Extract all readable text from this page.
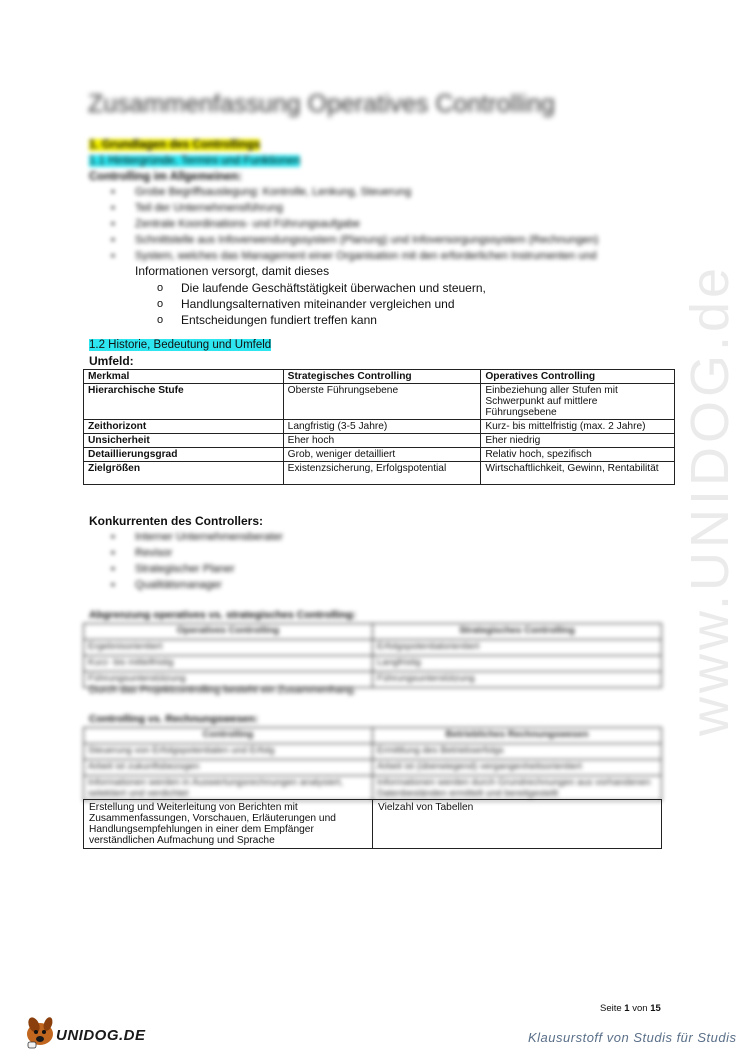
www.UNIDOG.de
Zusammenfassung Operatives Controlling
1. Grundlagen des Controllings
1.1 Hintergründe, Termini und Funktionen
Controlling im Allgemeinen:
▪ Grobe Begriffsauslegung: Kontrolle, Lenkung, Steuerung
▪ Teil der Unternehmensführung
▪ Zentrale Koordinations- und Führungsaufgabe
▪ Schnittstelle aus Infoverwendungssystem (Planung) und Infoversorgungssystem (Rechnungen)
▪ System, welches das Management einer Organisation mit den erforderlichen Instrumenten und
Informationen versorgt, damit dieses
o Die laufende Geschäftstätigkeit überwachen und steuern,
o Handlungsalternativen miteinander vergleichen und
o Entscheidungen fundiert treffen kann
1.2 Historie, Bedeutung und Umfeld
Umfeld:
Merkmal	Strategisches Controlling	Operatives Controlling
Hierarchische Stufe	Oberste Führungsebene	Einbeziehung aller Stufen mit Schwerpunkt auf mittlere Führungsebene
Zeithorizont	Langfristig (3-5 Jahre)	Kurz- bis mittelfristig (max. 2 Jahre)
Unsicherheit	Eher hoch	Eher niedrig
Detaillierungsgrad	Grob, weniger detailliert	Relativ hoch, spezifisch
Zielgrößen	Existenzsicherung, Erfolgspotential	Wirtschaftlichkeit, Gewinn, Rentabilität
Konkurrenten des Controllers:
▪ Interner Unternehmensberater
▪ Revisor
▪ Strategischer Planer
▪ Qualitätsmanager
Abgrenzung operatives vs. strategisches Controlling:
Operatives Controlling	Strategisches Controlling
Ergebnisorientiert	Erfolgspotentialorientiert
Kurz- bis mittelfristig	Langfristig
Führungsunterstützung	Führungsunterstützung
Durch das Projektcontrolling besteht ein Zusammenhang.
Controlling vs. Rechnungswesen:
Controlling	Betriebliches Rechnungswesen
Steuerung von Erfolgspotentialen und Erfolg	Ermittlung des Betriebserfolgs
Arbeit ist zukunftsbezogen	Arbeit ist (überwiegend) vergangenheitsorientiert
Informationen werden in Auswertungsrechnungen analysiert, selektiert und verdichtet	Informationen werden durch Grundrechnungen aus vorhandenen Datenbeständen ermittelt und bereitgestellt
Erstellung und Weiterleitung von Berichten mit Zusammenfassungen, Vorschauen, Erläuterungen und Handlungsempfehlungen in einer dem Empfänger verständlichen Aufmachung und Sprache	Vielzahl von Tabellen
Seite 1 von 15
UNIDOG.DE	Klausurstoff von Studis für Studis
